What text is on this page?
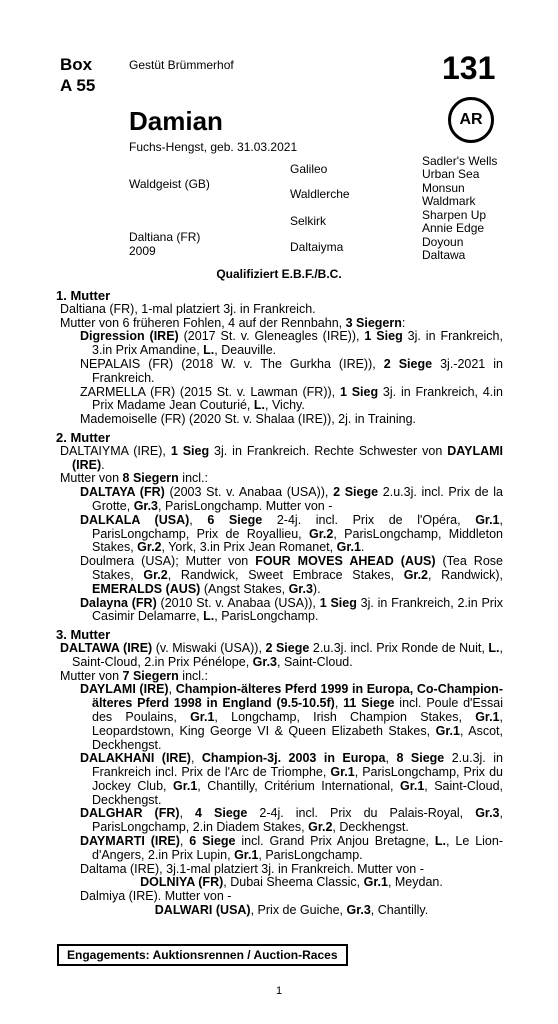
Box
A 55
Gestüt Brümmerhof	131
AR
Damian
Fuchs-Hengst, geb. 31.03.2021
Waldgeist (GB)
Daltiana (FR)
2009
Galileo
Waldlerche
Selkirk
Daltaiyma
Sadler's Wells
Urban Sea
Monsun
Waldmark
Sharpen Up
Annie Edge
Doyoun
Daltawa
Qualifiziert E.B.F./B.C.
1. Mutter
Daltiana (FR), 1-mal platziert 3j. in Frankreich.
Mutter von 6 früheren Fohlen, 4 auf der Rennbahn, 3 Siegern:
Digression (IRE) (2017 St. v. Gleneagles (IRE)), 1 Sieg 3j. in Frankreich, 3.in Prix Amandine, L., Deauville.
NEPALAIS (FR) (2018 W. v. The Gurkha (IRE)), 2 Siege 3j.-2021 in Frankreich.
ZARMELLA (FR) (2015 St. v. Lawman (FR)), 1 Sieg 3j. in Frankreich, 4.in Prix Madame Jean Couturié, L., Vichy.
Mademoiselle (FR) (2020 St. v. Shalaa (IRE)), 2j. in Training.
2. Mutter
DALTAIYMA (IRE), 1 Sieg 3j. in Frankreich. Rechte Schwester von DAYLAMI (IRE).
Mutter von 8 Siegern incl.:
DALTAYA (FR) (2003 St. v. Anabaa (USA)), 2 Siege 2.u.3j. incl. Prix de la Grotte, Gr.3, ParisLongchamp. Mutter von -
DALKALA (USA), 6 Siege 2-4j. incl. Prix de l'Opéra, Gr.1, ParisLongchamp, Prix de Royallieu, Gr.2, ParisLongchamp, Middleton Stakes, Gr.2, York, 3.in Prix Jean Romanet, Gr.1.
Doulmera (USA); Mutter von FOUR MOVES AHEAD (AUS) (Tea Rose Stakes, Gr.2, Randwick, Sweet Embrace Stakes, Gr.2, Randwick), EMERALDS (AUS) (Angst Stakes, Gr.3).
Dalayna (FR) (2010 St. v. Anabaa (USA)), 1 Sieg 3j. in Frankreich, 2.in Prix Casimir Delamarre, L., ParisLongchamp.
3. Mutter
DALTAWA (IRE) (v. Miswaki (USA)), 2 Siege 2.u.3j. incl. Prix Ronde de Nuit, L., Saint-Cloud, 2.in Prix Pénélope, Gr.3, Saint-Cloud.
Mutter von 7 Siegern incl.:
DAYLAMI (IRE), Champion-älteres Pferd 1999 in Europa, Co-Champion-älteres Pferd 1998 in England (9.5-10.5f), 11 Siege incl. Poule d'Essai des Poulains, Gr.1, Longchamp, Irish Champion Stakes, Gr.1, Leopardstown, King George VI & Queen Elizabeth Stakes, Gr.1, Ascot, Deckhengst.
DALAKHANI (IRE), Champion-3j. 2003 in Europa, 8 Siege 2.u.3j. in Frankreich incl. Prix de l'Arc de Triomphe, Gr.1, ParisLongchamp, Prix du Jockey Club, Gr.1, Chantilly, Critérium International, Gr.1, Saint-Cloud, Deckhengst.
DALGHAR (FR), 4 Siege 2-4j. incl. Prix du Palais-Royal, Gr.3, ParisLongchamp, 2.in Diadem Stakes, Gr.2, Deckhengst.
DAYMARTI (IRE), 6 Siege incl. Grand Prix Anjou Bretagne, L., Le Lion-d'Angers, 2.in Prix Lupin, Gr.1, ParisLongchamp.
Daltama (IRE), 3j.1-mal platziert 3j. in Frankreich. Mutter von -
DOLNIYA (FR), Dubai Sheema Classic, Gr.1, Meydan.
Dalmiya (IRE). Mutter von -
DALWARI (USA), Prix de Guiche, Gr.3, Chantilly.
Engagements: Auktionsrennen / Auction-Races
1
